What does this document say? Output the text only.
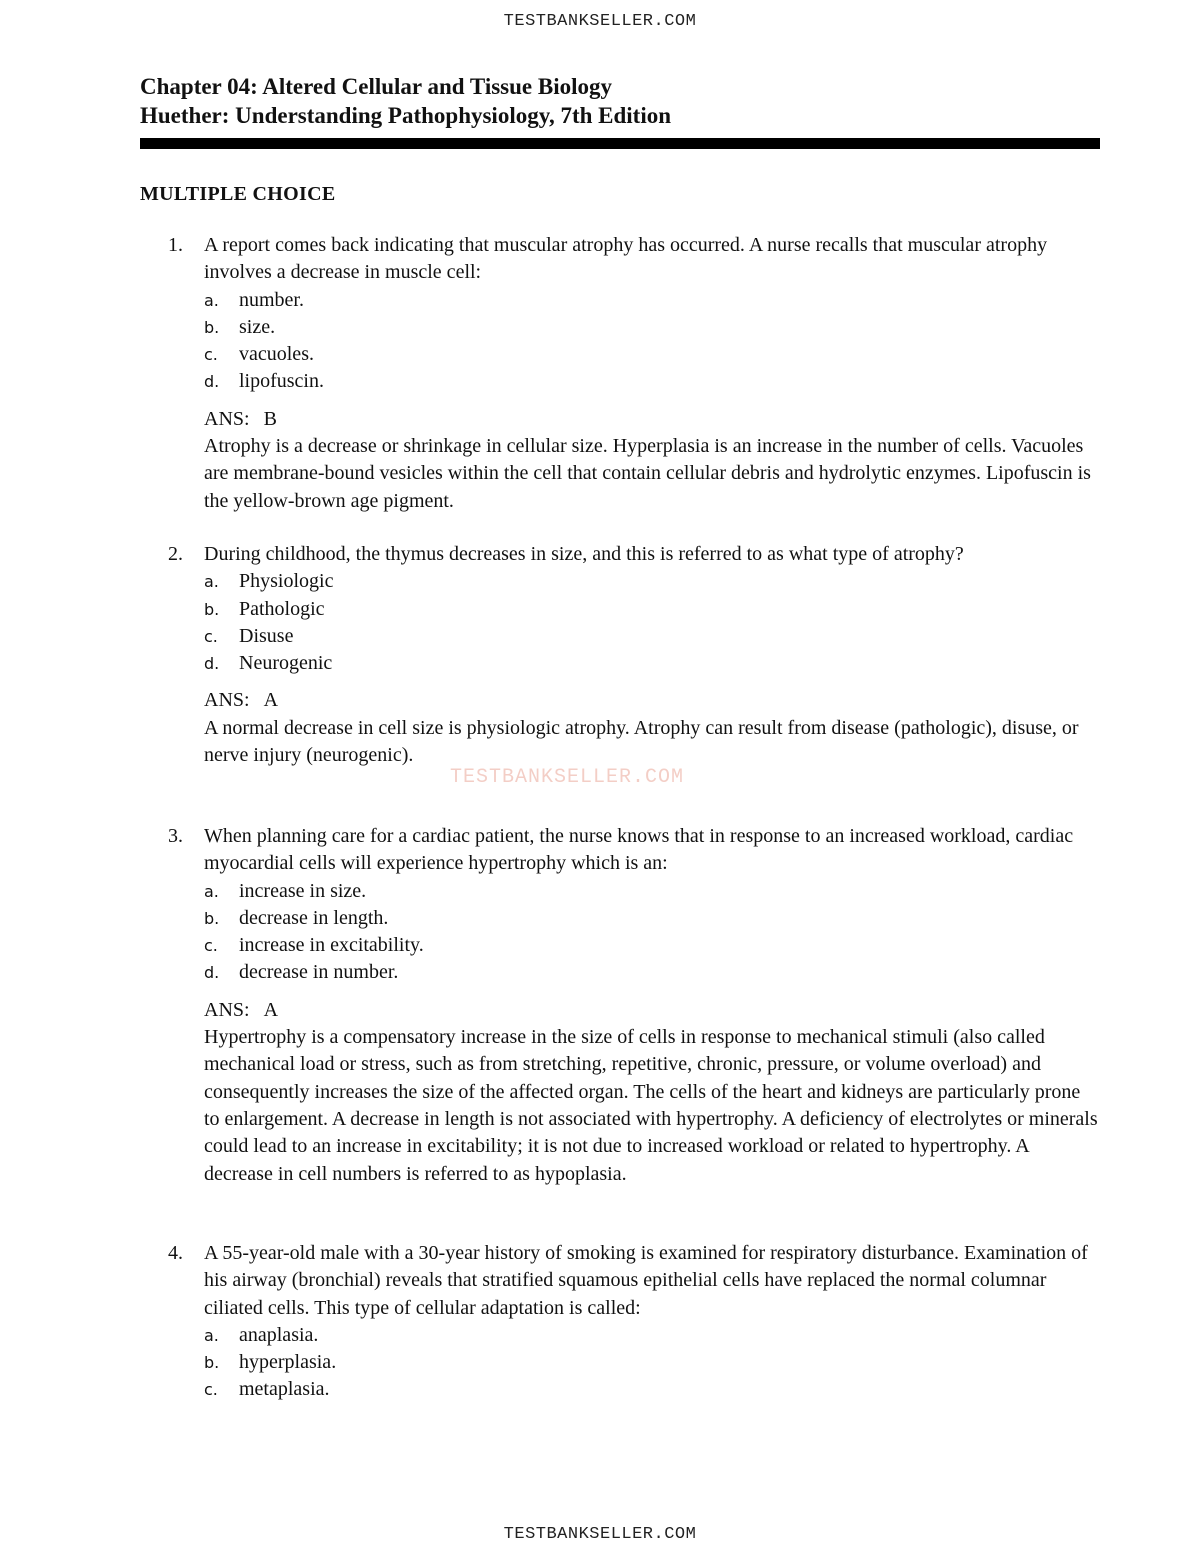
TESTBANKSELLER.COM

Chapter 04: Altered Cellular and Tissue Biology

Huether: Understanding Pathophysiology, 7th Edition

MULTIPLE CHOICE
1. A report comes back indicating that muscular atrophy has occurred. A nurse recalls that muscular atrophy involves a decrease in muscle cell:
a. number.
b. size.
c. vacuoles.
d. lipofuscin.
ANS: B
Atrophy is a decrease or shrinkage in cellular size. Hyperplasia is an increase in the number of cells. Vacuoles are membrane-bound vesicles within the cell that contain cellular debris and hydrolytic enzymes. Lipofuscin is the yellow-brown age pigment.
2. During childhood, the thymus decreases in size, and this is referred to as what type of atrophy?
a. Physiologic
b. Pathologic
c. Disuse
d. Neurogenic
ANS: A
A normal decrease in cell size is physiologic atrophy. Atrophy can result from disease (pathologic), disuse, or nerve injury (neurogenic).
TESTBANKSELLER.COM
3. When planning care for a cardiac patient, the nurse knows that in response to an increased workload, cardiac myocardial cells will experience hypertrophy which is an:
a. increase in size.
b. decrease in length.
c. increase in excitability.
d. decrease in number.
ANS: A
Hypertrophy is a compensatory increase in the size of cells in response to mechanical stimuli (also called mechanical load or stress, such as from stretching, repetitive, chronic, pressure, or volume overload) and consequently increases the size of the affected organ. The cells of the heart and kidneys are particularly prone to enlargement. A decrease in length is not associated with hypertrophy. A deficiency of electrolytes or minerals could lead to an increase in excitability; it is not due to increased workload or related to hypertrophy. A decrease in cell numbers is referred to as hypoplasia.
4. A 55-year-old male with a 30-year history of smoking is examined for respiratory disturbance. Examination of his airway (bronchial) reveals that stratified squamous epithelial cells have replaced the normal columnar ciliated cells. This type of cellular adaptation is called:
a. anaplasia.
b. hyperplasia.
c. metaplasia.
TESTBANKSELLER.COM
